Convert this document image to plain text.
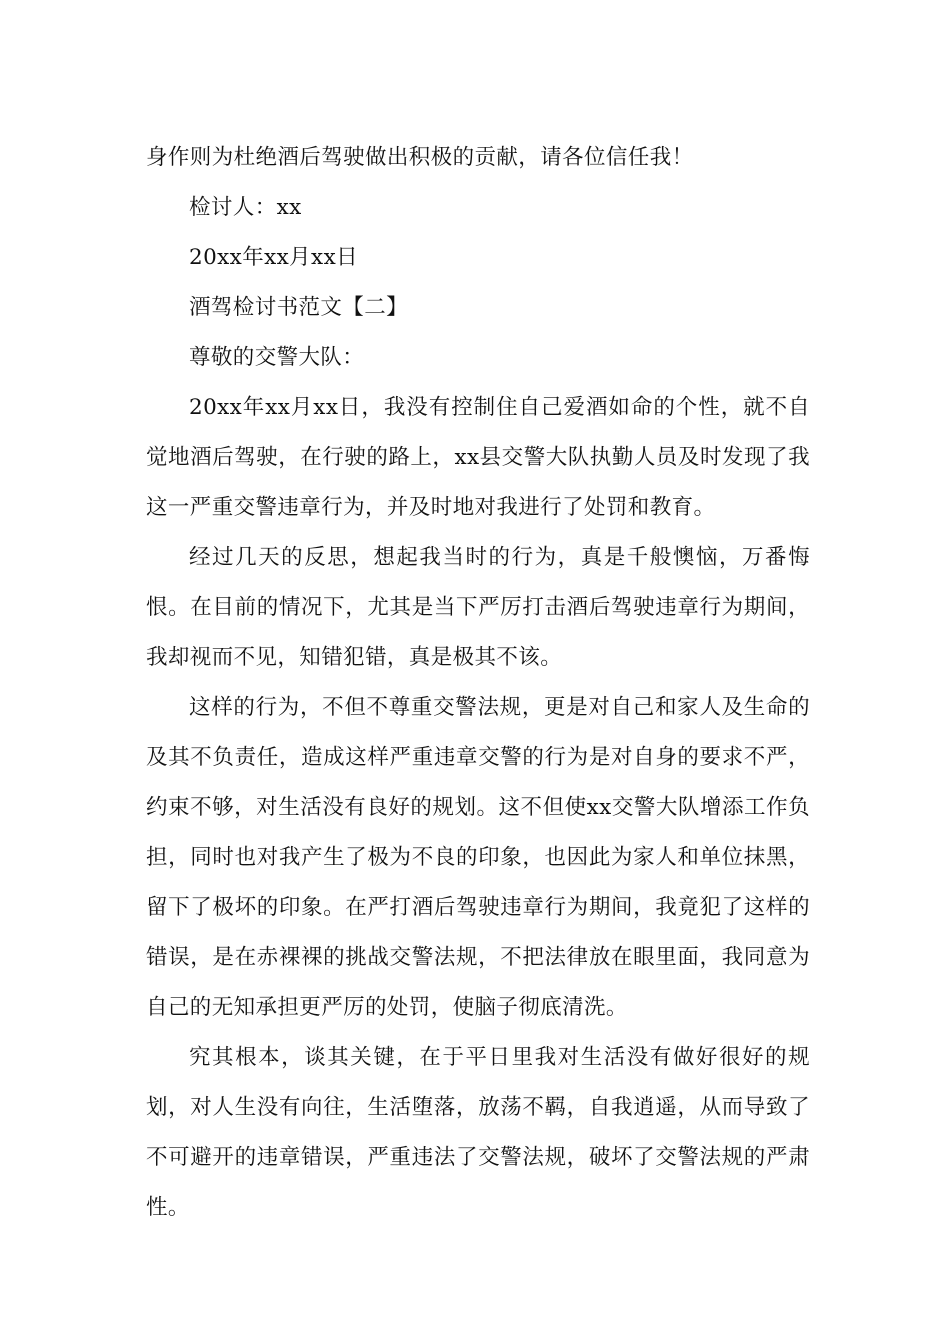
身作则为杜绝酒后驾驶做出积极的贡献，请各位信任我！

检讨人：xx

20xx年xx月xx日

酒驾检讨书范文【二】

尊敬的交警大队：

20xx年xx月xx日，我没有控制住自己爱酒如命的个性，就不自觉地酒后驾驶，在行驶的路上，xx县交警大队执勤人员及时发现了我这一严重交警违章行为，并及时地对我进行了处罚和教育。

经过几天的反思，想起我当时的行为，真是千般懊恼，万番悔恨。在目前的情况下，尤其是当下严厉打击酒后驾驶违章行为期间，我却视而不见，知错犯错，真是极其不该。

这样的行为，不但不尊重交警法规，更是对自己和家人及生命的及其不负责任，造成这样严重违章交警的行为是对自身的要求不严，约束不够，对生活没有良好的规划。这不但使xx交警大队增添工作负担，同时也对我产生了极为不良的印象，也因此为家人和单位抹黑，留下了极坏的印象。在严打酒后驾驶违章行为期间，我竟犯了这样的错误，是在赤裸裸的挑战交警法规，不把法律放在眼里面，我同意为自己的无知承担更严厉的处罚，使脑子彻底清洗。

究其根本，谈其关键，在于平日里我对生活没有做好很好的规划，对人生没有向往，生活堕落，放荡不羁，自我逍遥，从而导致了不可避开的违章错误，严重违法了交警法规，破坏了交警法规的严肃性。
